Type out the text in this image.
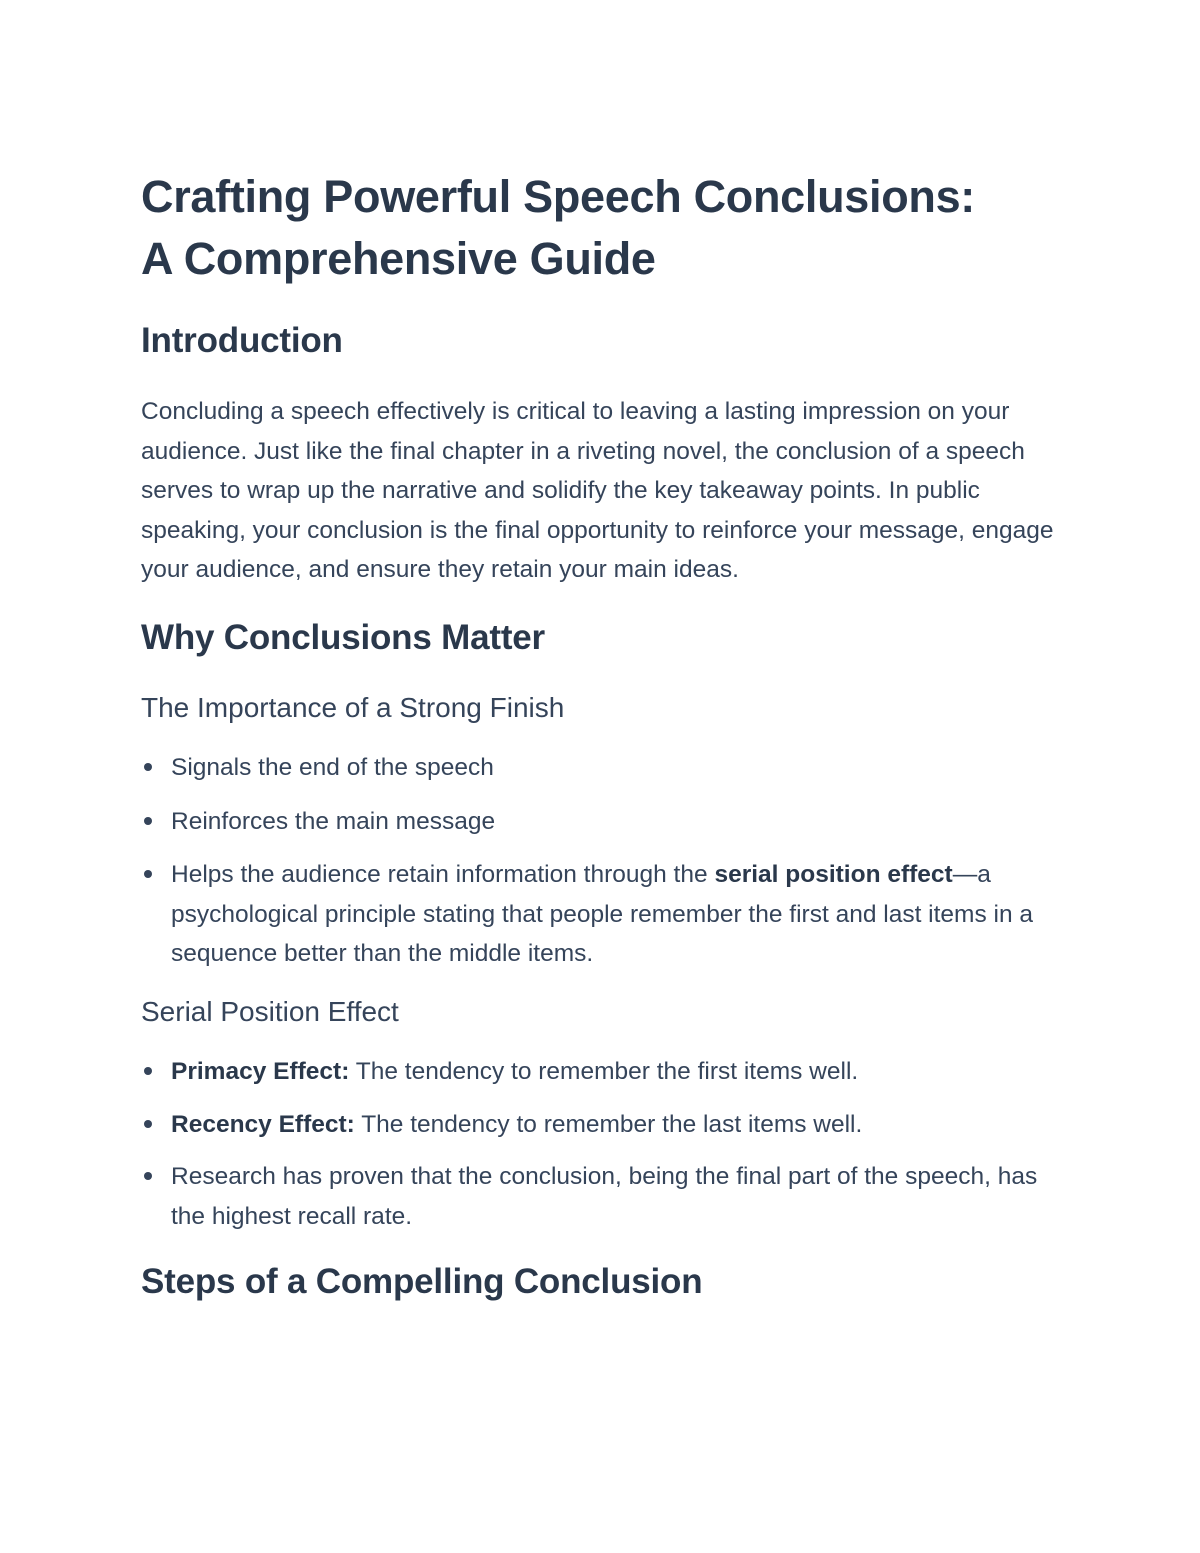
Crafting Powerful Speech Conclusions:
A Comprehensive Guide
Introduction

Concluding a speech effectively is critical to leaving a lasting impression on your audience. Just like the final chapter in a riveting novel, the conclusion of a speech serves to wrap up the narrative and solidify the key takeaway points. In public speaking, your conclusion is the final opportunity to reinforce your message, engage your audience, and ensure they retain your main ideas.

Why Conclusions Matter
The Importance of a Strong Finish
Signals the end of the speech
Reinforces the main message
Helps the audience retain information through the serial position effect—a psychological principle stating that people remember the first and last items in a sequence better than the middle items.
Serial Position Effect
Primacy Effect: The tendency to remember the first items well.
Recency Effect: The tendency to remember the last items well.
Research has proven that the conclusion, being the final part of the speech, has the highest recall rate.
Steps of a Compelling Conclusion
